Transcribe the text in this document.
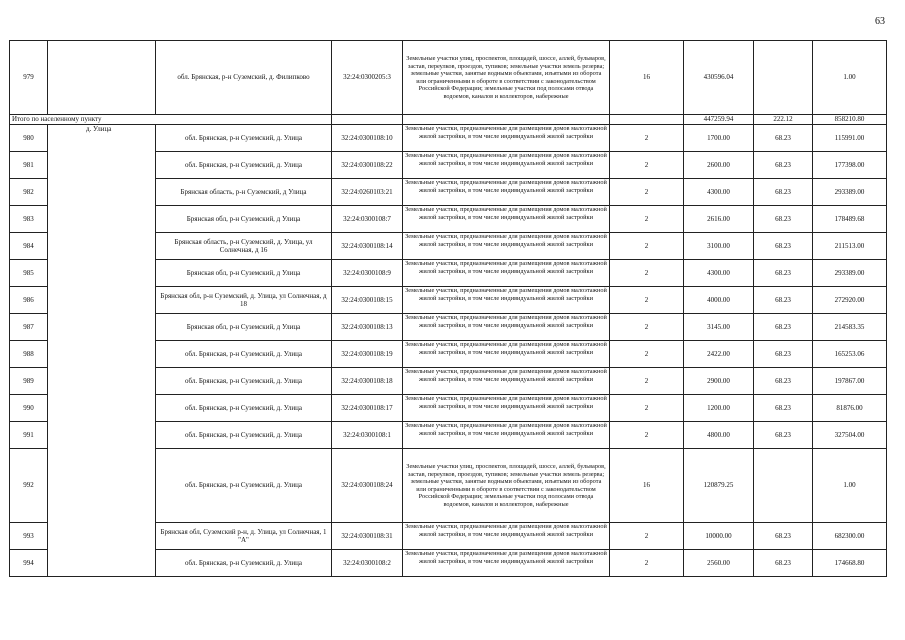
63
979		обл. Брянская, р-н Суземский, д. Филипково	32:24:0300205:3	Земельные участки улиц, проспектов, площадей, шоссе, аллей, бульваров, застав, переулков, проездов, тупиков; земельные участки земель резерва; земельные участки, занятые водными объектами, изъятыми из оборота или ограниченными в обороте в соответствии с законодательством Российской Федерации; земельные участки под полосами отвода водоемов, каналов и коллекторов, набережные	16	430596.04		1.00
Итого по населенному пункту						447259.94	222.12	858210.80
980	д. Улица	обл. Брянская, р-н Суземский, д. Улица	32:24:0300108:10	Земельные участки, предназначенные для размещения домов малоэтажной жилой застройки, в том числе индивидуальной жилой застройки	2	1700.00	68.23	115991.00
981		обл. Брянская, р-н Суземский, д. Улица	32:24:0300108:22	Земельные участки, предназначенные для размещения домов малоэтажной жилой застройки, в том числе индивидуальной жилой застройки	2	2600.00	68.23	177398.00
982		Брянская область, р-н Суземский, д Улица	32:24:0260103:21	Земельные участки, предназначенные для размещения домов малоэтажной жилой застройки, в том числе индивидуальной жилой застройки	2	4300.00	68.23	293389.00
983		Брянская обл, р-н Суземский, д Улица	32:24:0300108:7	Земельные участки, предназначенные для размещения домов малоэтажной жилой застройки, в том числе индивидуальной жилой застройки	2	2616.00	68.23	178489.68
984		Брянская область, р-н Суземский, д. Улица, ул Солнечная, д 16	32:24:0300108:14	Земельные участки, предназначенные для размещения домов малоэтажной жилой застройки, в том числе индивидуальной жилой застройки	2	3100.00	68.23	211513.00
985		Брянская обл, р-н Суземский, д Улица	32:24:0300108:9	Земельные участки, предназначенные для размещения домов малоэтажной жилой застройки, в том числе индивидуальной жилой застройки	2	4300.00	68.23	293389.00
986		Брянская обл, р-н Суземский, д. Улица, ул Солнечная, д 18	32:24:0300108:15	Земельные участки, предназначенные для размещения домов малоэтажной жилой застройки, в том числе индивидуальной жилой застройки	2	4000.00	68.23	272920.00
987		Брянская обл, р-н Суземский, д Улица	32:24:0300108:13	Земельные участки, предназначенные для размещения домов малоэтажной жилой застройки, в том числе индивидуальной жилой застройки	2	3145.00	68.23	214583.35
988		обл. Брянская, р-н Суземский, д. Улица	32:24:0300108:19	Земельные участки, предназначенные для размещения домов малоэтажной жилой застройки, в том числе индивидуальной жилой застройки	2	2422.00	68.23	165253.06
989		обл. Брянская, р-н Суземский, д. Улица	32:24:0300108:18	Земельные участки, предназначенные для размещения домов малоэтажной жилой застройки, в том числе индивидуальной жилой застройки	2	2900.00	68.23	197867.00
990		обл. Брянская, р-н Суземский, д. Улица	32:24:0300108:17	Земельные участки, предназначенные для размещения домов малоэтажной жилой застройки, в том числе индивидуальной жилой застройки	2	1200.00	68.23	81876.00
991		обл. Брянская, р-н Суземский, д. Улица	32:24:0300108:1	Земельные участки, предназначенные для размещения домов малоэтажной жилой застройки, в том числе индивидуальной жилой застройки	2	4800.00	68.23	327504.00
992		обл. Брянская, р-н Суземский, д. Улица	32:24:0300108:24	Земельные участки улиц, проспектов, площадей, шоссе, аллей, бульваров, застав, переулков, проездов, тупиков; земельные участки земель резерва; земельные участки, занятые водными объектами, изъятыми из оборота или ограниченными в обороте в соответствии с законодательством Российской Федерации; земельные участки под полосами отвода водоемов, каналов и коллекторов, набережные	16	120879.25		1.00
993		Брянская обл, Суземский р-н, д. Улица, ул Солнечная, 1 "А"	32:24:0300108:31	Земельные участки, предназначенные для размещения домов малоэтажной жилой застройки, в том числе индивидуальной жилой застройки	2	10000.00	68.23	682300.00
994		обл. Брянская, р-н Суземский, д. Улица	32:24:0300108:2	Земельные участки, предназначенные для размещения домов малоэтажной жилой застройки, в том числе индивидуальной жилой застройки	2	2560.00	68.23	174668.80
